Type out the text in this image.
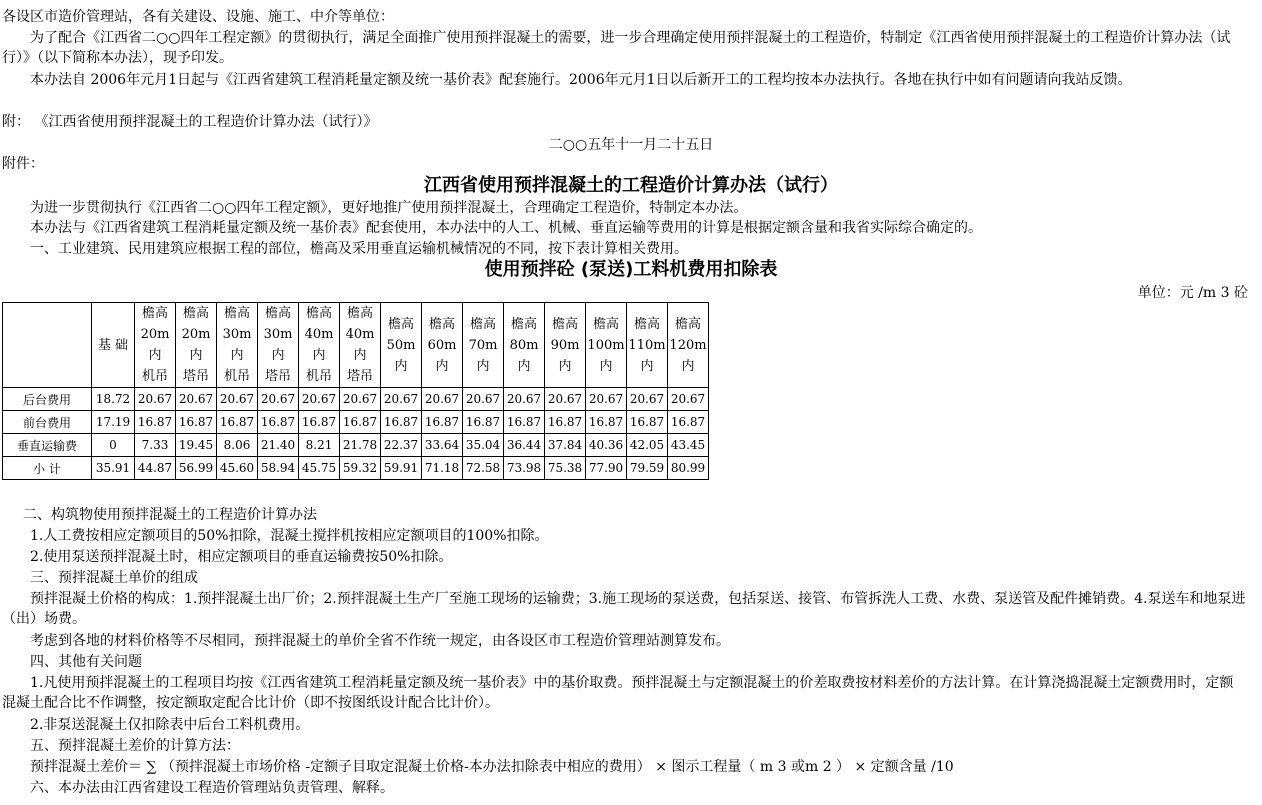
各设区市造价管理站，各有关建设、设施、施工、中介等单位：
为了配合《江西省二○○四年工程定额》的贯彻执行，满足全面推广使用预拌混凝土的需要，进一步合理确定使用预拌混凝土的工程造价，特制定《江西省使用预拌混凝土的工程造价计算办法（试行）》（以下简称本办法），现予印发。
本办法自 2006年元月1日起与《江西省建筑工程消耗量定额及统一基价表》配套施行。2006年元月1日以后新开工的工程均按本办法执行。各地在执行中如有问题请向我站反馈。
附： 《江西省使用预拌混凝土的工程造价计算办法（试行）》
二○○五年十一月二十五日
附件：
江西省使用预拌混凝土的工程造价计算办法（试行）
为进一步贯彻执行《江西省二○○四年工程定额》，更好地推广使用预拌混凝土，合理确定工程造价，特制定本办法。
本办法与《江西省建筑工程消耗量定额及统一基价表》配套使用，本办法中的人工、机械、垂直运输等费用的计算是根据定额含量和我省实际综合确定的。
一、工业建筑、民用建筑应根据工程的部位，檐高及采用垂直运输机械情况的不同，按下表计算相关费用。
使用预拌砼 (泵送)工料机费用扣除表
单位：元 /m 3 砼

	基 础	檐高
20m
内
机吊	檐高
20m
内
塔吊	檐高
30m
内
机吊	檐高
30m
内
塔吊	檐高
40m
内
机吊	檐高
40m
内
塔吊	檐高
50m
内	檐高
60m
内	檐高
70m
内	檐高
80m
内	檐高
90m
内	檐高
100m
内	檐高
110m
内	檐高
120m
内

后台费用	18.72	20.67	20.67	20.67	20.67	20.67	20.67	20.67	20.67	20.67	20.67	20.67	20.67	20.67	20.67
前台费用	17.19	16.87	16.87	16.87	16.87	16.87	16.87	16.87	16.87	16.87	16.87	16.87	16.87	16.87	16.87
垂直运输费	0	7.33	19.45	8.06	21.40	8.21	21.78	22.37	33.64	35.04	36.44	37.84	40.36	42.05	43.45
小 计	35.91	44.87	56.99	45.60	58.94	45.75	59.32	59.91	71.18	72.58	73.98	75.38	77.90	79.59	80.99
二、构筑物使用预拌混凝土的工程造价计算办法
1.人工费按相应定额项目的50%扣除，混凝土搅拌机按相应定额项目的100%扣除。
2.使用泵送预拌混凝土时，相应定额项目的垂直运输费按50%扣除。
三、预拌混凝土单价的组成
预拌混凝土价格的构成：1.预拌混凝土出厂价；2.预拌混凝土生产厂至施工现场的运输费；3.施工现场的泵送费，包括泵送、接管、布管拆洗人工费、水费、泵送管及配件摊销费。4.泵送车和地泵进（出）场费。
考虑到各地的材料价格等不尽相同，预拌混凝土的单价全省不作统一规定，由各设区市工程造价管理站测算发布。
四、其他有关问题
1.凡使用预拌混凝土的工程项目均按《江西省建筑工程消耗量定额及统一基价表》中的基价取费。预拌混凝土与定额混凝土的价差取费按材料差价的方法计算。在计算浇捣混凝土定额费用时，定额混凝土配合比不作调整，按定额取定配合比计价（即不按图纸设计配合比计价）。
2.非泵送混凝土仅扣除表中后台工料机费用。
五、预拌混凝土差价的计算方法：
预拌混凝土差价＝ ∑ （预拌混凝土市场价格 -定额子目取定混凝土价格-本办法扣除表中相应的费用） × 图示工程量（ m 3 或m 2 ） × 定额含量 /10
六、本办法由江西省建设工程造价管理站负责管理、解释。
